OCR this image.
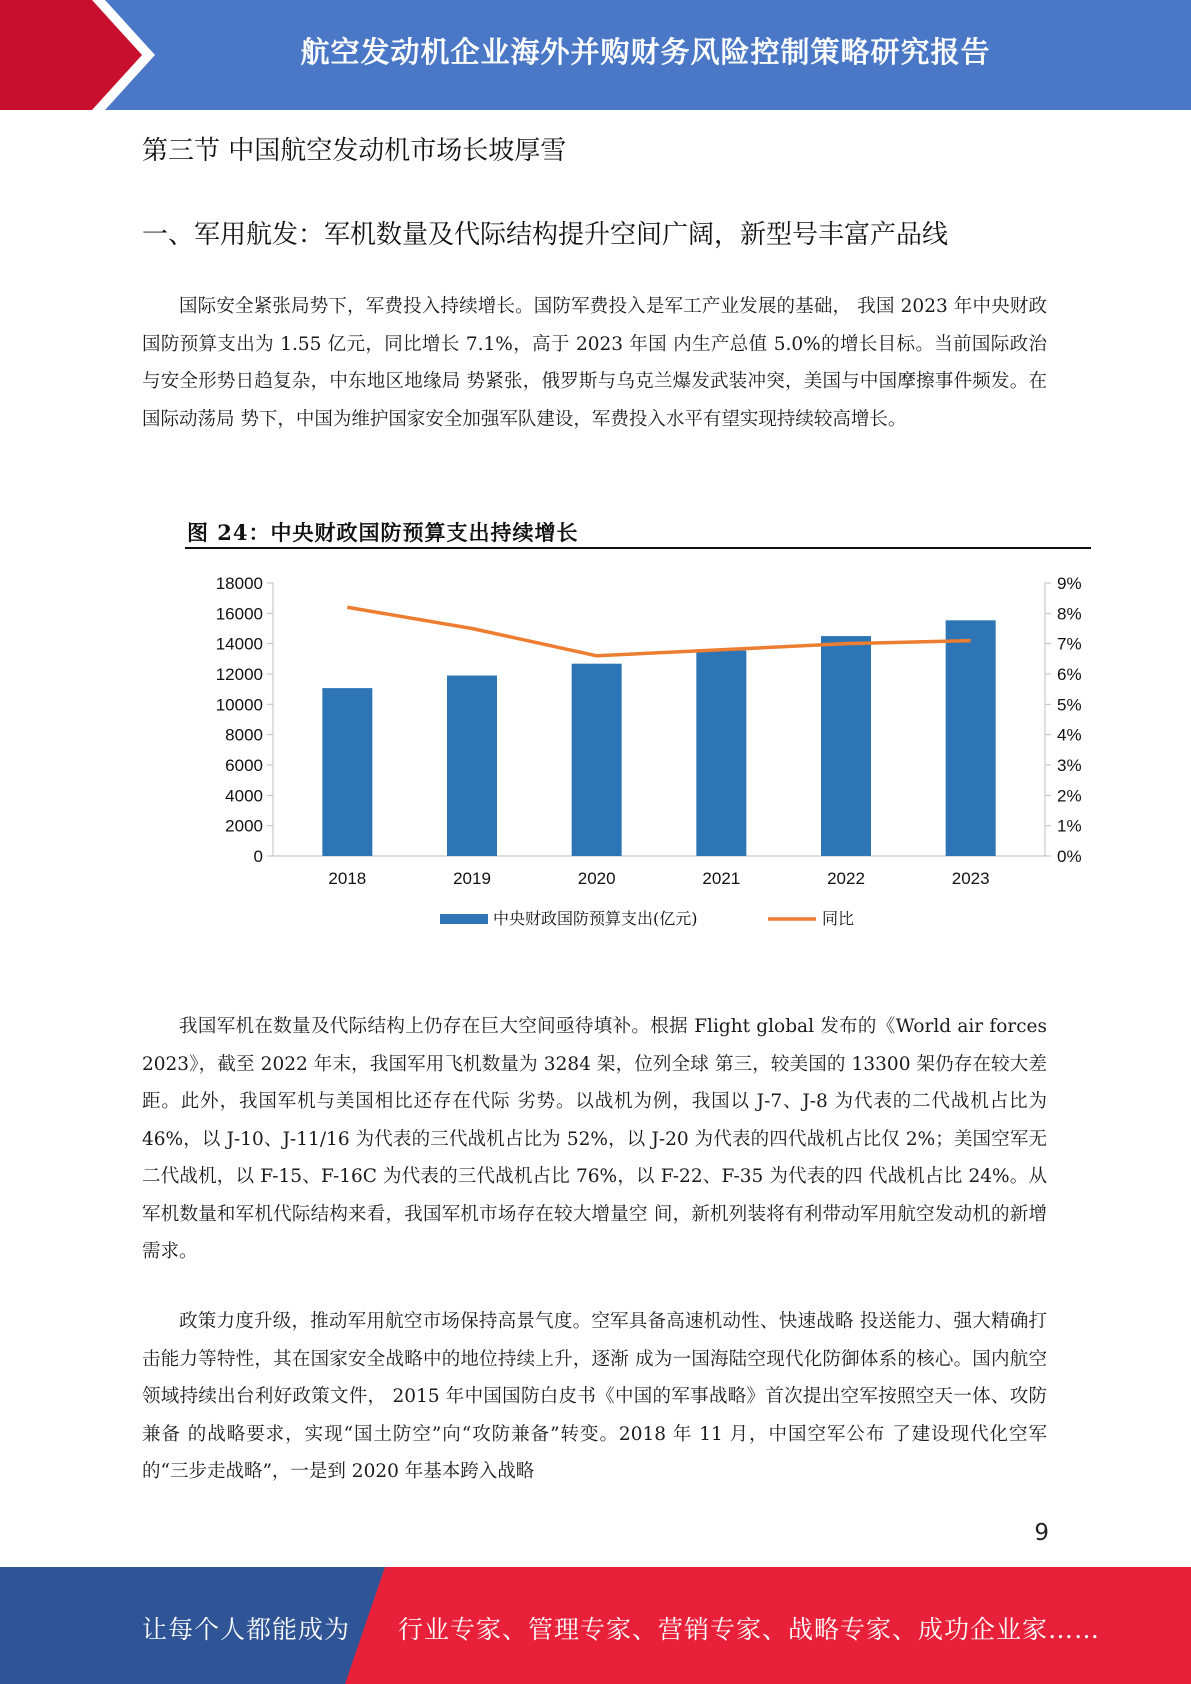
航空发动机企业海外并购财务风险控制策略研究报告
第三节 中国航空发动机市场长坡厚雪
一、军用航发：军机数量及代际结构提升空间广阔，新型号丰富产品线

国际安全紧张局势下，军费投入持续增长。国防军费投入是军工产业发展的基础， 我国 2023 年中央财政国防预算支出为 1.55 亿元，同比增长 7.1%，高于 2023 年国 内生产总值 5.0%的增长目标。当前国际政治与安全形势日趋复杂，中东地区地缘局 势紧张，俄罗斯与乌克兰爆发武装冲突，美国与中国摩擦事件频发。在国际动荡局 势下，中国为维护国家安全加强军队建设，军费投入水平有望实现持续较高增长。

图 24：中央财政国防预算支出持续增长
0
2000
4000
6000
8000
10000
12000
14000
16000
18000
0%
1%
2%
3%
4%
5%
6%
7%
8%
9%
2018	2019	2020	2021	2022	2023
中央财政国防预算支出(亿元)	同比

我国军机在数量及代际结构上仍存在巨大空间亟待填补。根据 Flight global 发布的《World air forces 2023》，截至 2022 年末，我国军用飞机数量为 3284 架，位列全球 第三，较美国的 13300 架仍存在较大差距。此外，我国军机与美国相比还存在代际 劣势。以战机为例，我国以 J-7、J-8 为代表的二代战机占比为 46%，以 J-10、J-11/16 为代表的三代战机占比为 52%，以 J-20 为代表的四代战机占比仅 2%；美国空军无 二代战机，以 F-15、F-16C 为代表的三代战机占比 76%，以 F-22、F-35 为代表的四 代战机占比 24%。从军机数量和军机代际结构来看，我国军机市场存在较大增量空 间，新机列装将有利带动军用航空发动机的新增需求。

政策力度升级，推动军用航空市场保持高景气度。空军具备高速机动性、快速战略 投送能力、强大精确打击能力等特性，其在国家安全战略中的地位持续上升，逐渐 成为一国海陆空现代化防御体系的核心。国内航空领域持续出台利好政策文件， 2015 年中国国防白皮书《中国的军事战略》首次提出空军按照空天一体、攻防兼备 的战略要求，实现“国土防空”向“攻防兼备”转变。2018 年 11 月，中国空军公布 了建设现代化空军的“三步走战略”，一是到 2020 年基本跨入战略

9
让每个人都能成为 行业专家、管理专家、营销专家、战略专家、成功企业家……
